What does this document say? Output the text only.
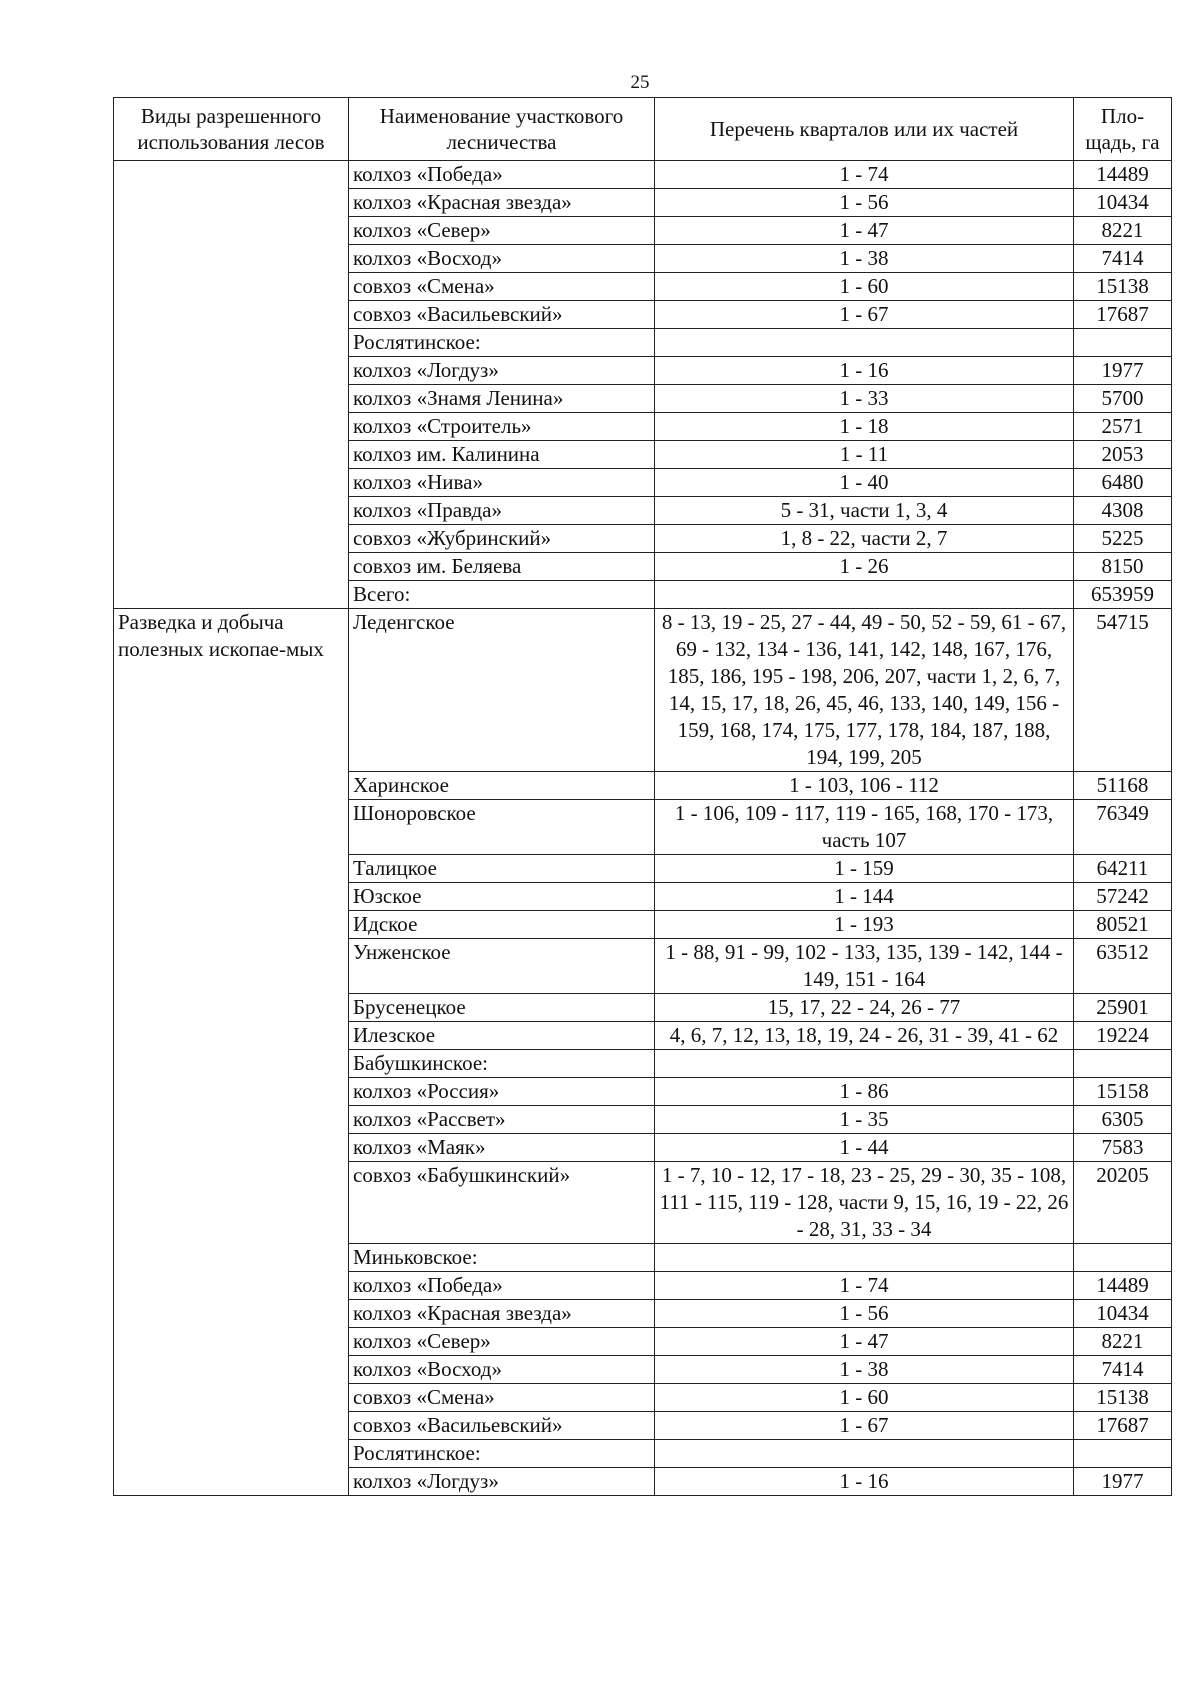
25
Виды разрешенного использования лесов	Наименование участкового лесничества	Перечень кварталов или их частей	Пло-щадь, га
	колхоз «Победа»	1 - 74	14489
	колхоз «Красная звезда»	1 - 56	10434
	колхоз «Север»	1 - 47	8221
	колхоз «Восход»	1 - 38	7414
	совхоз «Смена»	1 - 60	15138
	совхоз «Васильевский»	1 - 67	17687
	Рослятинское:		
	колхоз «Логдуз»	1 - 16	1977
	колхоз «Знамя Ленина»	1 - 33	5700
	колхоз «Строитель»	1 - 18	2571
	колхоз им. Калинина	1 - 11	2053
	колхоз «Нива»	1 - 40	6480
	колхоз «Правда»	5 - 31, части 1, 3, 4	4308
	совхоз «Жубринский»	1, 8 - 22, части 2, 7	5225
	совхоз им. Беляева	1 - 26	8150
	Всего:		653959
Разведка и добыча полезных ископае-мых	Леденгское	8 - 13, 19 - 25, 27 - 44, 49 - 50, 52 - 59, 61 - 67, 69 - 132, 134 - 136, 141, 142, 148, 167, 176, 185, 186, 195 - 198, 206, 207, части 1, 2, 6, 7, 14, 15, 17, 18, 26, 45, 46, 133, 140, 149, 156 - 159, 168, 174, 175, 177, 178, 184, 187, 188, 194, 199, 205	54715
	Харинское	1 - 103, 106 - 112	51168
	Шоноровское	1 - 106, 109 - 117, 119 - 165, 168, 170 - 173, часть 107	76349
	Талицкое	1 - 159	64211
	Юзское	1 - 144	57242
	Идское	1 - 193	80521
	Унженское	1 - 88, 91 - 99, 102 - 133, 135, 139 - 142, 144 - 149, 151 - 164	63512
	Брусенецкое	15, 17, 22 - 24, 26 - 77	25901
	Илезское	4, 6, 7, 12, 13, 18, 19, 24 - 26, 31 - 39, 41 - 62	19224
	Бабушкинское:		
	колхоз «Россия»	1 - 86	15158
	колхоз «Рассвет»	1 - 35	6305
	колхоз «Маяк»	1 - 44	7583
	совхоз «Бабушкинский»	1 - 7, 10 - 12, 17 - 18, 23 - 25, 29 - 30, 35 - 108, 111 - 115, 119 - 128, части 9, 15, 16, 19 - 22, 26 - 28, 31, 33 - 34	20205
	Миньковское:		
	колхоз «Победа»	1 - 74	14489
	колхоз «Красная звезда»	1 - 56	10434
	колхоз «Север»	1 - 47	8221
	колхоз «Восход»	1 - 38	7414
	совхоз «Смена»	1 - 60	15138
	совхоз «Васильевский»	1 - 67	17687
	Рослятинское:		
	колхоз «Логдуз»	1 - 16	1977
